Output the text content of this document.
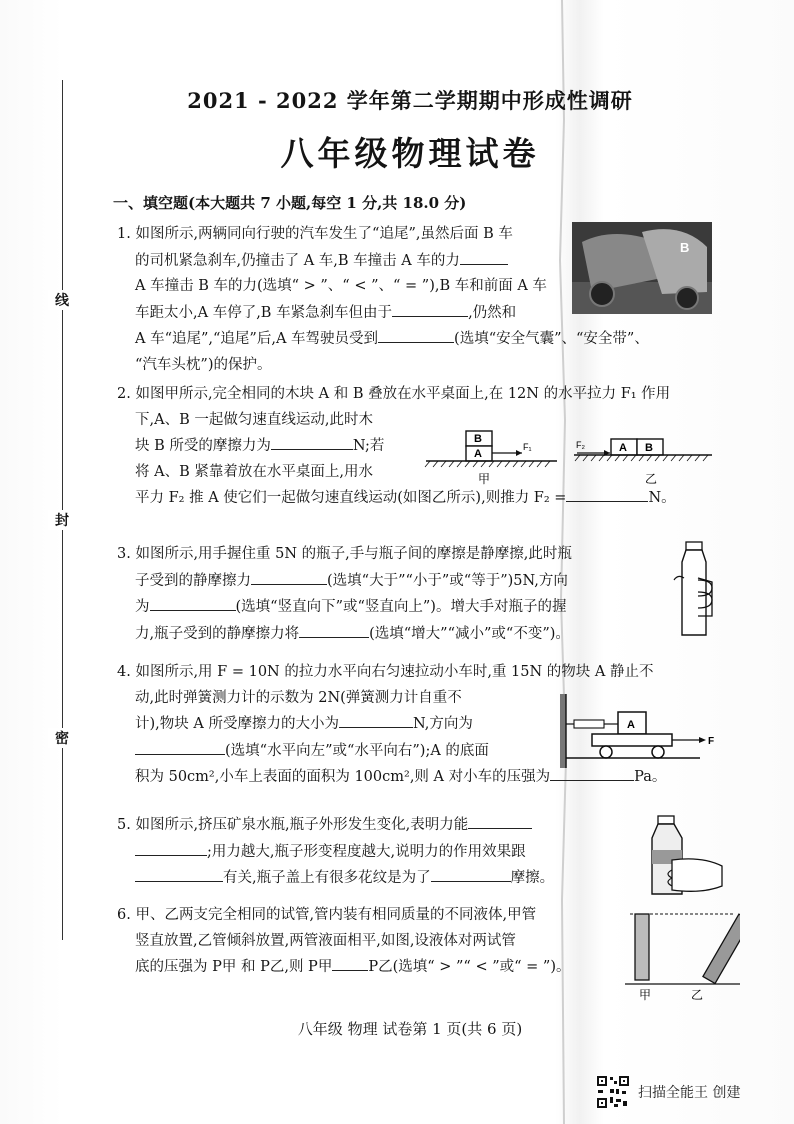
线
封
密
2021 - 2022 学年第二学期期中形成性调研
八年级物理试卷
一、填空题(本大题共 7 小题,每空 1 分,共 18.0 分)

1. 如图所示,两辆同向行驶的汽车发生了“追尾”,虽然后面 B 车

的司机紧急刹车,仍撞击了 A 车,B 车撞击 A 车的力

A 车撞击 B 车的力(选填“ > ”、“ < ”、“ = ”),B 车和前面 A 车

车距太小,A 车停了,B 车紧急刹车但由于	,仍然和

A 车“追尾”,“追尾”后,A 车驾驶员受到	(选填“安全气囊”、“安全带”、

“汽车头枕”)的保护。

B

2. 如图甲所示,完全相同的木块 A 和 B 叠放在水平桌面上,在 12N 的水平拉力 F₁ 作用

下,A、B 一起做匀速直线运动,此时木

块 B 所受的摩擦力为	N;若

将 A、B 紧靠着放在水平桌面上,用水

平力 F₂ 推 A 使它们一起做匀速直线运动(如图乙所示),则推力 F₂ =	N。

B
A
F₁
甲
F₂	A B
乙

3. 如图所示,用手握住重 5N 的瓶子,手与瓶子间的摩擦是静摩擦,此时瓶

子受到的静摩擦力	(选填“大于”“小于”或“等于”)5N,方向

为	(选填“竖直向下”或“竖直向上”)。增大手对瓶子的握

力,瓶子受到的静摩擦力将	(选填“增大”“减小”或“不变”)。

4. 如图所示,用 F = 10N 的拉力水平向右匀速拉动小车时,重 15N 的物块 A 静止不

动,此时弹簧测力计的示数为 2N(弹簧测力计自重不

计),物块 A 所受摩擦力的大小为	N,方向为

(选填“水平向左”或“水平向右”);A 的底面

积为 50cm²,小车上表面的面积为 100cm²,则 A 对小车的压强为	Pa。

A
F

5. 如图所示,挤压矿泉水瓶,瓶子外形发生变化,表明力能

;用力越大,瓶子形变程度越大,说明力的作用效果跟

有关,瓶子盖上有很多花纹是为了	摩擦。

6. 甲、乙两支完全相同的试管,管内装有相同质量的不同液体,甲管

竖直放置,乙管倾斜放置,两管液面相平,如图,设液体对两试管

底的压强为 P甲 和 P乙,则 P甲 P乙(选填“ > ”“ < ”或“ = ”)。

甲	乙
八年级 物理 试卷第 1 页(共 6 页)
扫描全能王 创建
